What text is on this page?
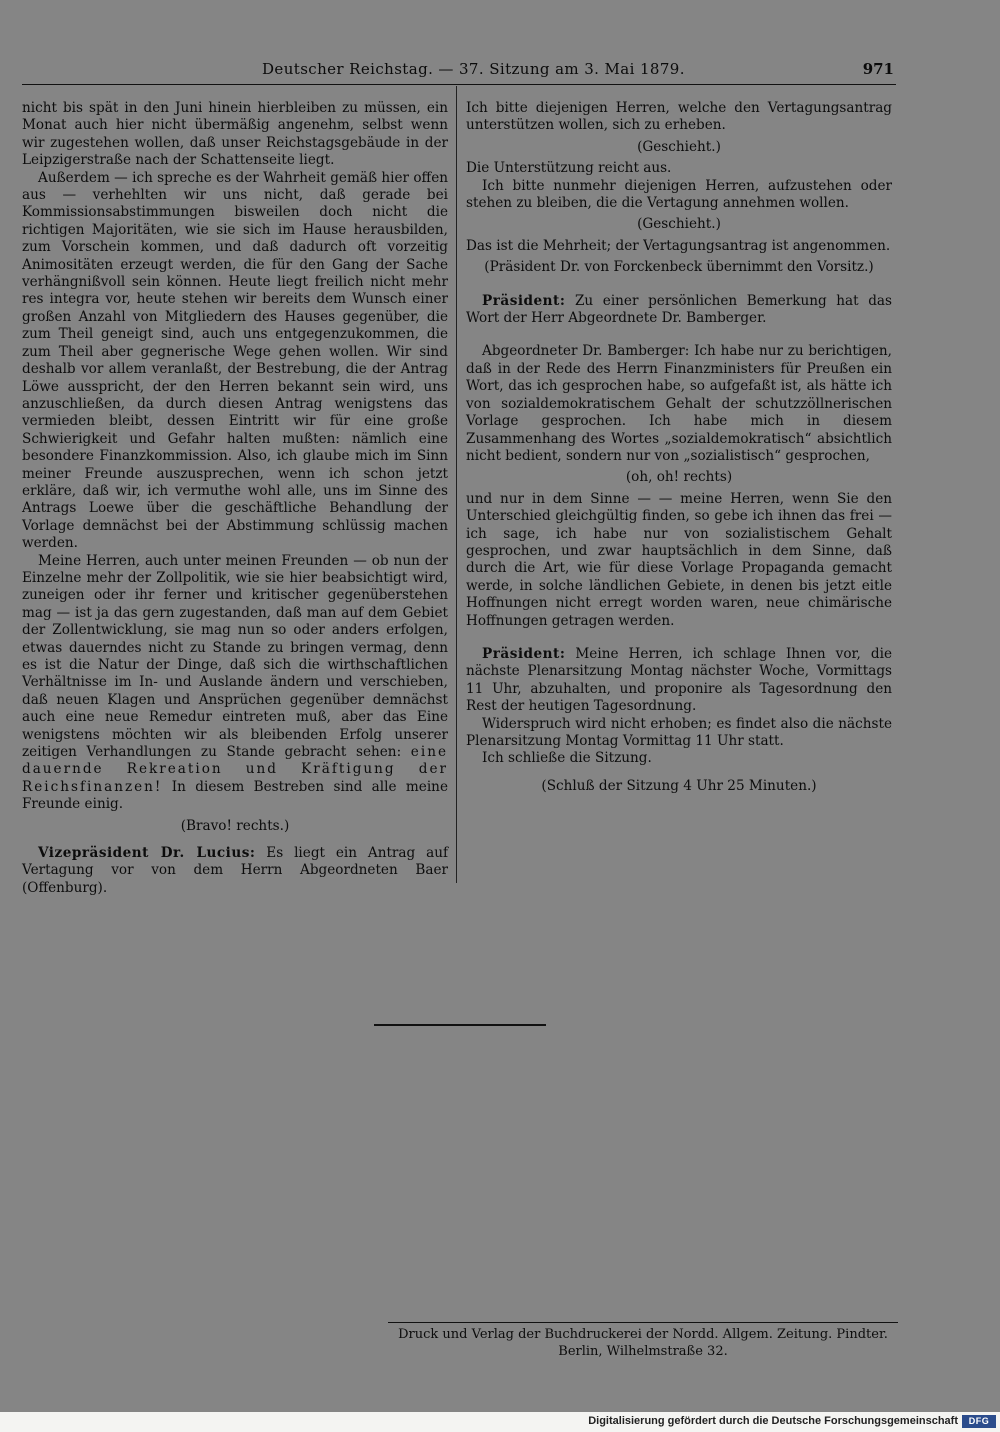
Deutscher Reichstag. — 37. Sitzung am 3. Mai 1879.	971

nicht bis spät in den Juni hinein hierbleiben zu müssen, ein Monat auch hier nicht übermäßig angenehm, selbst wenn wir zugestehen wollen, daß unser Reichstagsgebäude in der Leipzigerstraße nach der Schattenseite liegt.

Außerdem — ich spreche es der Wahrheit gemäß hier offen aus — verhehlten wir uns nicht, daß gerade bei Kommissionsabstimmungen bisweilen doch nicht die richtigen Majoritäten, wie sie sich im Hause herausbilden, zum Vorschein kommen, und daß dadurch oft vorzeitig Animositäten erzeugt werden, die für den Gang der Sache verhängnißvoll sein können. Heute liegt freilich nicht mehr res integra vor, heute stehen wir bereits dem Wunsch einer großen Anzahl von Mitgliedern des Hauses gegenüber, die zum Theil geneigt sind, auch uns entgegenzukommen, die zum Theil aber gegnerische Wege gehen wollen. Wir sind deshalb vor allem veranlaßt, der Bestrebung, die der Antrag Löwe ausspricht, der den Herren bekannt sein wird, uns anzuschließen, da durch diesen Antrag wenigstens das vermieden bleibt, dessen Eintritt wir für eine große Schwierigkeit und Gefahr halten mußten: nämlich eine besondere Finanzkommission. Also, ich glaube mich im Sinn meiner Freunde auszusprechen, wenn ich schon jetzt erkläre, daß wir, ich vermuthe wohl alle, uns im Sinne des Antrags Loewe über die geschäftliche Behandlung der Vorlage demnächst bei der Abstimmung schlüssig machen werden.

Meine Herren, auch unter meinen Freunden — ob nun der Einzelne mehr der Zollpolitik, wie sie hier beabsichtigt wird, zuneigen oder ihr ferner und kritischer gegenüberstehen mag — ist ja das gern zugestanden, daß man auf dem Gebiet der Zollentwicklung, sie mag nun so oder anders erfolgen, etwas dauerndes nicht zu Stande zu bringen vermag, denn es ist die Natur der Dinge, daß sich die wirthschaftlichen Verhältnisse im In- und Auslande ändern und verschieben, daß neuen Klagen und Ansprüchen gegenüber demnächst auch eine neue Remedur eintreten muß, aber das Eine wenigstens möchten wir als bleibenden Erfolg unserer zeitigen Verhandlungen zu Stande gebracht sehen: eine dauernde Rekreation und Kräftigung der Reichsfinanzen! In diesem Bestreben sind alle meine Freunde einig.

(Bravo! rechts.)

Vizepräsident Dr. Lucius: Es liegt ein Antrag auf Vertagung vor von dem Herrn Abgeordneten Baer (Offenburg).

Ich bitte diejenigen Herren, welche den Vertagungsantrag unterstützen wollen, sich zu erheben.

(Geschieht.)

Die Unterstützung reicht aus.

Ich bitte nunmehr diejenigen Herren, aufzustehen oder stehen zu bleiben, die die Vertagung annehmen wollen.

(Geschieht.)

Das ist die Mehrheit; der Vertagungsantrag ist angenommen.

(Präsident Dr. von Forckenbeck übernimmt den Vorsitz.)

Präsident: Zu einer persönlichen Bemerkung hat das Wort der Herr Abgeordnete Dr. Bamberger.

Abgeordneter Dr. Bamberger: Ich habe nur zu berichtigen, daß in der Rede des Herrn Finanzministers für Preußen ein Wort, das ich gesprochen habe, so aufgefaßt ist, als hätte ich von sozialdemokratischem Gehalt der schutzzöllnerischen Vorlage gesprochen. Ich habe mich in diesem Zusammenhang des Wortes „sozialdemokratisch“ absichtlich nicht bedient, sondern nur von „sozialistisch“ gesprochen,

(oh, oh! rechts)

und nur in dem Sinne — — meine Herren, wenn Sie den Unterschied gleichgültig finden, so gebe ich ihnen das frei — ich sage, ich habe nur von sozialistischem Gehalt gesprochen, und zwar hauptsächlich in dem Sinne, daß durch die Art, wie für diese Vorlage Propaganda gemacht werde, in solche ländlichen Gebiete, in denen bis jetzt eitle Hoffnungen nicht erregt worden waren, neue chimärische Hoffnungen getragen werden.

Präsident: Meine Herren, ich schlage Ihnen vor, die nächste Plenarsitzung Montag nächster Woche, Vormittags 11 Uhr, abzuhalten, und proponire als Tagesordnung den Rest der heutigen Tagesordnung.

Widerspruch wird nicht erhoben; es findet also die nächste Plenarsitzung Montag Vormittag 11 Uhr statt.

Ich schließe die Sitzung.

(Schluß der Sitzung 4 Uhr 25 Minuten.)

Druck und Verlag der Buchdruckerei der Nordd. Allgem. Zeitung. Pindter.
Berlin, Wilhelmstraße 32.
Digitalisierung gefördert durch die Deutsche Forschungsgemeinschaft	DFG
